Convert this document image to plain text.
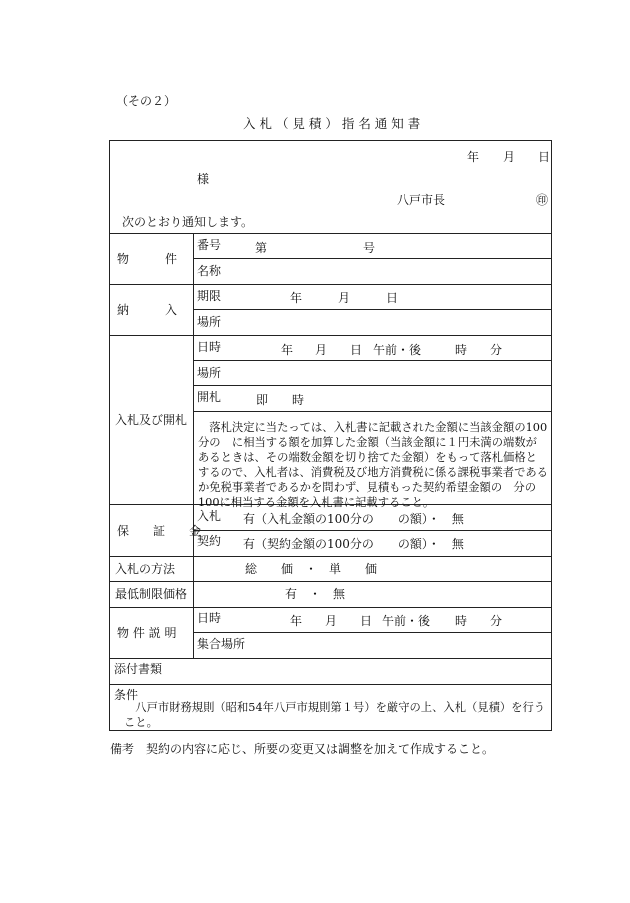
（その２）
入 札 （ 見 積 ） 指 名 通 知 書
年 月 日
様
八戸市長	㊞
次のとおり通知します。
物　　　件
番号	第	号
名称
納　　　入
期限	年	月	日
場所
入札及び開札
日時	年 月 日 午前・後	時 分
場所
開札	即　　時
落札決定に当たっては、入札書に記載された金額に当該金額の100分の　に相当する額を加算した金額（当該金額に１円未満の端数があるときは、その端数金額を切り捨てた金額）をもって落札価格とするので、入札者は、消費税及び地方消費税に係る課税事業者であるか免税事業者であるかを問わず、見積もった契約希望金額の　分の100に相当する金額を入札書に記載すること。
保　　証　　金
入札 有（入札金額の100分の　　の額）・　無
契約 有（契約金額の100分の　　の額）・　無
入札の方法	総　　価　・　単　　価
最低制限価格	有　・　無
物 件 説 明
日時	年 月 日 午前・後 時 分
集合場所
添付書類
条件
八戸市財務規則（昭和54年八戸市規則第１号）を厳守の上、入札（見積）を行うこと。
備考　契約の内容に応じ、所要の変更又は調整を加えて作成すること。
